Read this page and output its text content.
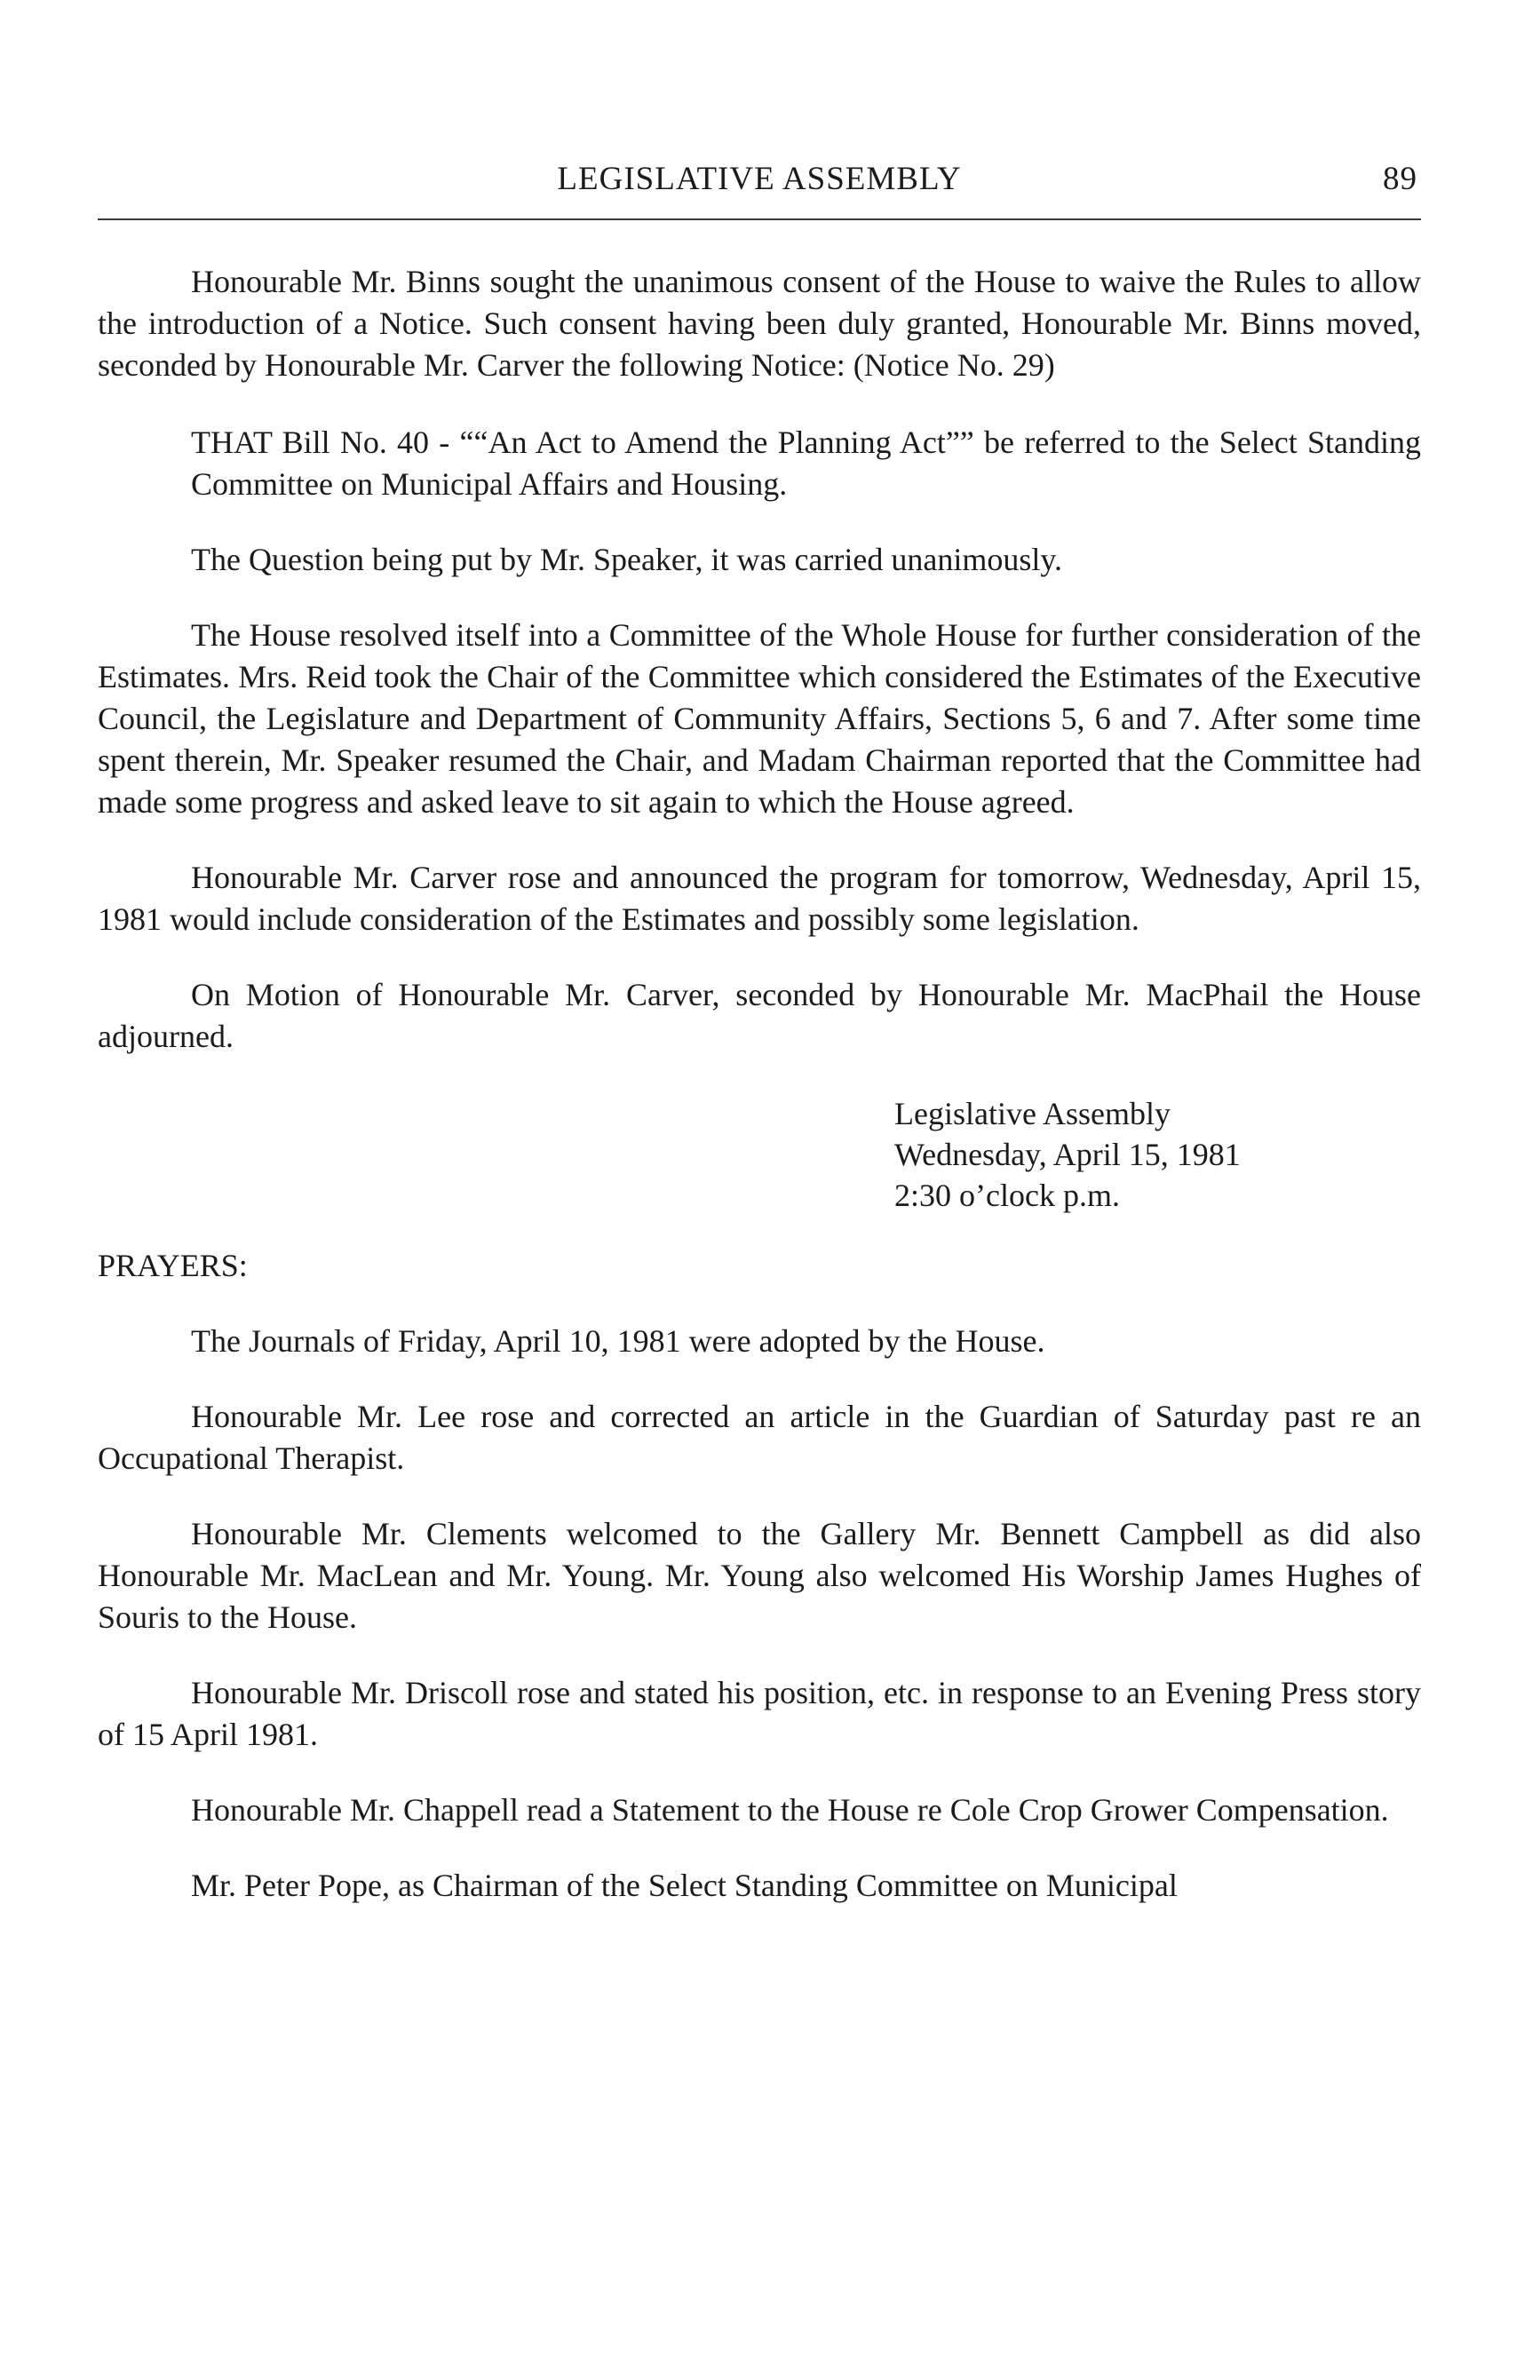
LEGISLATIVE ASSEMBLY	89

Honourable Mr. Binns sought the unanimous consent of the House to waive the Rules to allow the introduction of a Notice. Such consent having been duly granted, Honourable Mr. Binns moved, seconded by Honourable Mr. Carver the following Notice: (Notice No. 29)

THAT Bill No. 40 - ““An Act to Amend the Planning Act”” be referred to the Select Standing Committee on Municipal Affairs and Housing.

The Question being put by Mr. Speaker, it was carried unanimously.

The House resolved itself into a Committee of the Whole House for further consideration of the Estimates. Mrs. Reid took the Chair of the Committee which considered the Estimates of the Executive Council, the Legislature and Department of Community Affairs, Sections 5, 6 and 7. After some time spent therein, Mr. Speaker resumed the Chair, and Madam Chairman reported that the Committee had made some progress and asked leave to sit again to which the House agreed.

Honourable Mr. Carver rose and announced the program for tomorrow, Wednesday, April 15, 1981 would include consideration of the Estimates and possibly some legislation.

On Motion of Honourable Mr. Carver, seconded by Honourable Mr. MacPhail the House adjourned.

Legislative Assembly
Wednesday, April 15, 1981
2:30 o’clock p.m.

PRAYERS:

The Journals of Friday, April 10, 1981 were adopted by the House.

Honourable Mr. Lee rose and corrected an article in the Guardian of Saturday past re an Occupational Therapist.

Honourable Mr. Clements welcomed to the Gallery Mr. Bennett Campbell as did also Honourable Mr. MacLean and Mr. Young. Mr. Young also welcomed His Worship James Hughes of Souris to the House.

Honourable Mr. Driscoll rose and stated his position, etc. in response to an Evening Press story of 15 April 1981.

Honourable Mr. Chappell read a Statement to the House re Cole Crop Grower Compensation.

Mr. Peter Pope, as Chairman of the Select Standing Committee on Municipal
